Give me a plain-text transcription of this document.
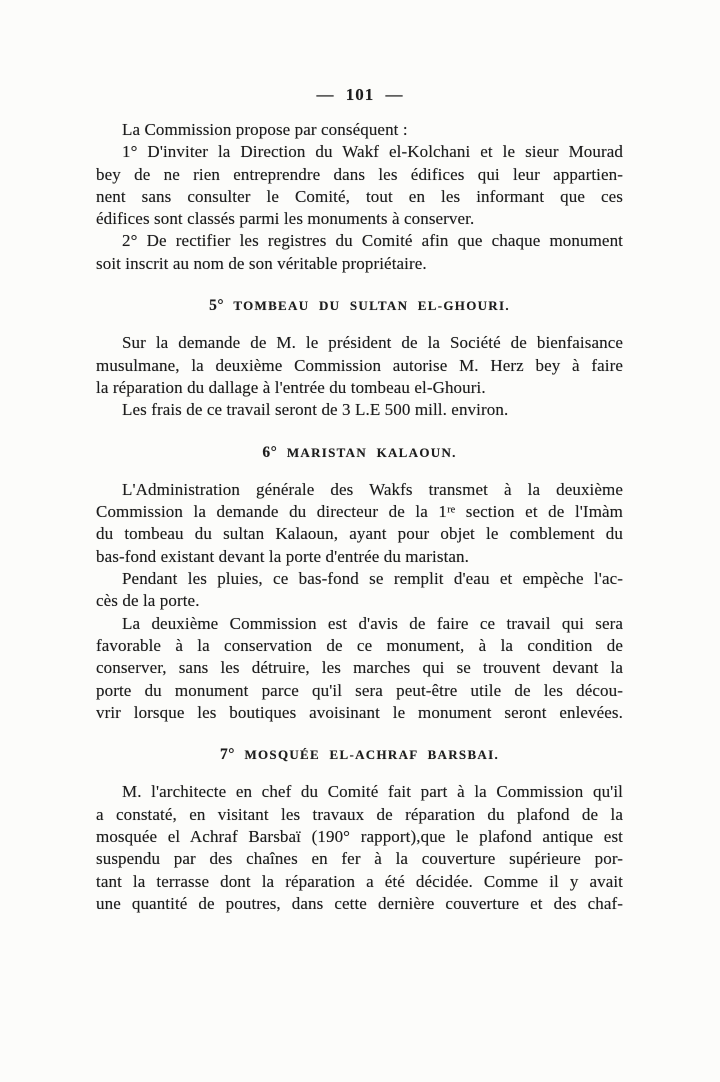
— 101 —
La Commission propose par conséquent :
1° D'inviter la Direction du Wakf el-Kolchani et le sieur Mourad
bey de ne rien entreprendre dans les édifices qui leur appartien-
nent sans consulter le Comité, tout en les informant que ces
édifices sont classés parmi les monuments à conserver.
2° De rectifier les registres du Comité afin que chaque monument
soit inscrit au nom de son véritable propriétaire.
5° TOMBEAU DU SULTAN EL-GHOURI.
Sur la demande de M. le président de la Société de bienfaisance
musulmane, la deuxième Commission autorise M. Herz bey à faire
la réparation du dallage à l'entrée du tombeau el-Ghouri.
Les frais de ce travail seront de 3 L.E 500 mill. environ.
6° MARISTAN KALAOUN.
L'Administration générale des Wakfs transmet à la deuxième
Commission la demande du directeur de la 1ʳᵉ section et de l'Imàm
du tombeau du sultan Kalaoun, ayant pour objet le comblement du
bas-fond existant devant la porte d'entrée du maristan.
Pendant les pluies, ce bas-fond se remplit d'eau et empèche l'ac-
cès de la porte.
La deuxième Commission est d'avis de faire ce travail qui sera
favorable à la conservation de ce monument, à la condition de
conserver, sans les détruire, les marches qui se trouvent devant la
porte du monument parce qu'il sera peut-être utile de les décou-
vrir lorsque les boutiques avoisinant le monument seront enlevées.
7° MOSQUÉE EL-ACHRAF BARSBAI.
M. l'architecte en chef du Comité fait part à la Commission qu'il
a constaté, en visitant les travaux de réparation du plafond de la
mosquée el Achraf Barsbaï (190° rapport),que le plafond antique est
suspendu par des chaînes en fer à la couverture supérieure por-
tant la terrasse dont la réparation a été décidée. Comme il y avait
une quantité de poutres, dans cette dernière couverture et des chaf-
